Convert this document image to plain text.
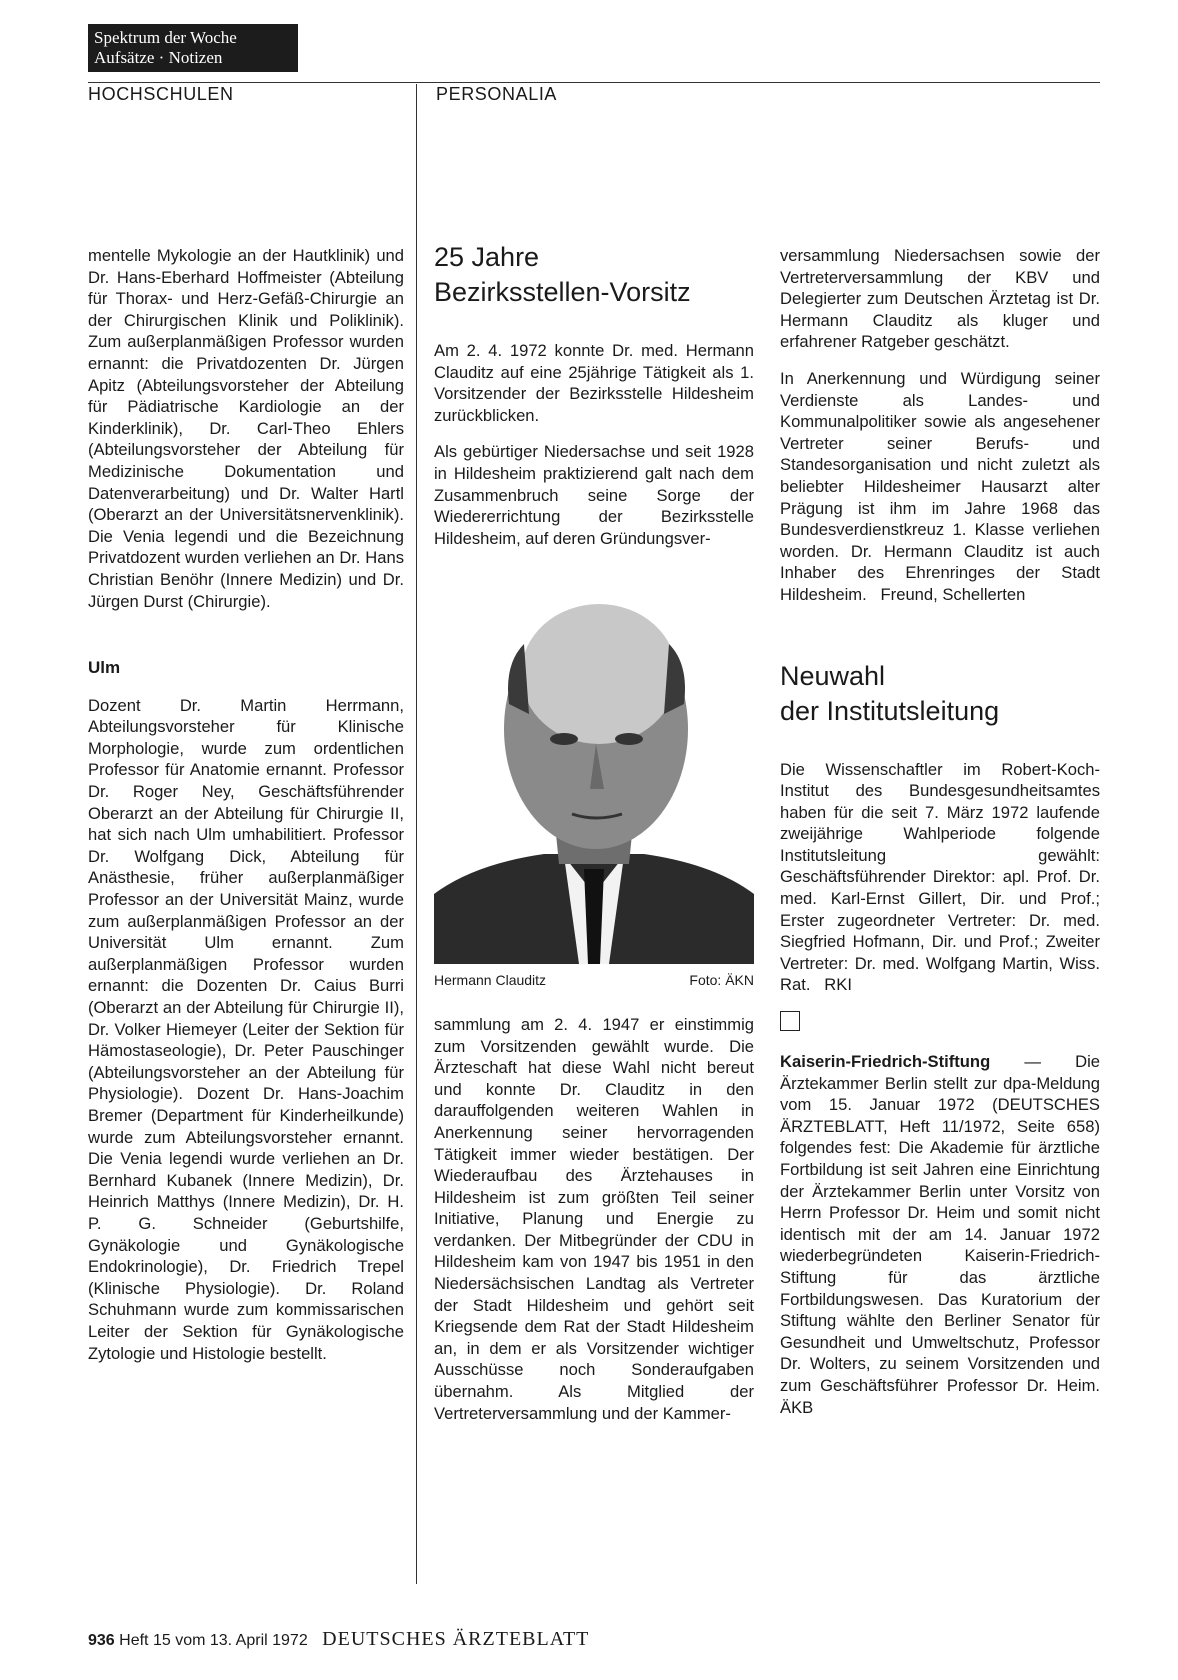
Spektrum der Woche
Aufsätze · Notizen
HOCHSCHULEN	PERSONALIA

mentelle Mykologie an der Hautklinik) und Dr. Hans-Eberhard Hoffmeister (Abteilung für Thorax- und Herz-Gefäß-Chirurgie an der Chirurgischen Klinik und Poliklinik). Zum außerplanmäßigen Professor wurden ernannt: die Privatdozenten Dr. Jürgen Apitz (Abteilungsvorsteher der Abteilung für Pädiatrische Kardiologie an der Kinderklinik), Dr. Carl-Theo Ehlers (Abteilungsvorsteher der Abteilung für Medizinische Dokumentation und Datenverarbeitung) und Dr. Walter Hartl (Oberarzt an der Universitätsnervenklinik). Die Venia legendi und die Bezeichnung Privatdozent wurden verliehen an Dr. Hans Christian Benöhr (Innere Medizin) und Dr. Jürgen Durst (Chirurgie).

Ulm

Dozent Dr. Martin Herrmann, Abteilungsvorsteher für Klinische Morphologie, wurde zum ordentlichen Professor für Anatomie ernannt. Professor Dr. Roger Ney, Geschäftsführender Oberarzt an der Abteilung für Chirurgie II, hat sich nach Ulm umhabilitiert. Professor Dr. Wolfgang Dick, Abteilung für Anästhesie, früher außerplanmäßiger Professor an der Universität Mainz, wurde zum außerplanmäßigen Professor an der Universität Ulm ernannt. Zum außerplanmäßigen Professor wurden ernannt: die Dozenten Dr. Caius Burri (Oberarzt an der Abteilung für Chirurgie II), Dr. Volker Hiemeyer (Leiter der Sektion für Hämostaseologie), Dr. Peter Pauschinger (Abteilungsvorsteher an der Abteilung für Physiologie). Dozent Dr. Hans-Joachim Bremer (Department für Kinderheilkunde) wurde zum Abteilungsvorsteher ernannt. Die Venia legendi wurde verliehen an Dr. Bernhard Kubanek (Innere Medizin), Dr. Heinrich Matthys (Innere Medizin), Dr. H. P. G. Schneider (Geburtshilfe, Gynäkologie und Gynäkologische Endokrinologie), Dr. Friedrich Trepel (Klinische Physiologie). Dr. Roland Schuhmann wurde zum kommissarischen Leiter der Sektion für Gynäkologische Zytologie und Histologie bestellt.

25 Jahre
Bezirksstellen-Vorsitz

Am 2. 4. 1972 konnte Dr. med. Hermann Clauditz auf eine 25jährige Tätigkeit als 1. Vorsitzender der Bezirksstelle Hildesheim zurückblicken.

Als gebürtiger Niedersachse und seit 1928 in Hildesheim praktizierend galt nach dem Zusammenbruch seine Sorge der Wiedererrichtung der Bezirksstelle Hildesheim, auf deren Gründungsver-

Hermann Clauditz	Foto: ÄKN

sammlung am 2. 4. 1947 er einstimmig zum Vorsitzenden gewählt wurde. Die Ärzteschaft hat diese Wahl nicht bereut und konnte Dr. Clauditz in den darauffolgenden weiteren Wahlen in Anerkennung seiner hervorragenden Tätigkeit immer wieder bestätigen. Der Wiederaufbau des Ärztehauses in Hildesheim ist zum größten Teil seiner Initiative, Planung und Energie zu verdanken. Der Mitbegründer der CDU in Hildesheim kam von 1947 bis 1951 in den Niedersächsischen Landtag als Vertreter der Stadt Hildesheim und gehört seit Kriegsende dem Rat der Stadt Hildesheim an, in dem er als Vorsitzender wichtiger Ausschüsse noch Sonderaufgaben übernahm. Als Mitglied der Vertreterversammlung und der Kammer-

versammlung Niedersachsen sowie der Vertreterversammlung der KBV und Delegierter zum Deutschen Ärztetag ist Dr. Hermann Clauditz als kluger und erfahrener Ratgeber geschätzt.

In Anerkennung und Würdigung seiner Verdienste als Landes- und Kommunalpolitiker sowie als angesehener Vertreter seiner Berufs- und Standesorganisation und nicht zuletzt als beliebter Hildesheimer Hausarzt alter Prägung ist ihm im Jahre 1968 das Bundesverdienstkreuz 1. Klasse verliehen worden. Dr. Hermann Clauditz ist auch Inhaber des Ehrenringes der Stadt Hildesheim. Freund, Schellerten

Neuwahl
der Institutsleitung

Die Wissenschaftler im Robert-Koch-Institut des Bundesgesundheitsamtes haben für die seit 7. März 1972 laufende zweijährige Wahlperiode folgende Institutsleitung gewählt: Geschäftsführender Direktor: apl. Prof. Dr. med. Karl-Ernst Gillert, Dir. und Prof.; Erster zugeordneter Vertreter: Dr. med. Siegfried Hofmann, Dir. und Prof.; Zweiter Vertreter: Dr. med. Wolfgang Martin, Wiss. Rat. RKI

Kaiserin-Friedrich-Stiftung — Die Ärztekammer Berlin stellt zur dpa-Meldung vom 15. Januar 1972 (DEUTSCHES ÄRZTEBLATT, Heft 11/1972, Seite 658) folgendes fest: Die Akademie für ärztliche Fortbildung ist seit Jahren eine Einrichtung der Ärztekammer Berlin unter Vorsitz von Herrn Professor Dr. Heim und somit nicht identisch mit der am 14. Januar 1972 wiederbegründeten Kaiserin-Friedrich-Stiftung für das ärztliche Fortbildungswesen. Das Kuratorium der Stiftung wählte den Berliner Senator für Gesundheit und Umweltschutz, Professor Dr. Wolters, zu seinem Vorsitzenden und zum Geschäftsführer Professor Dr. Heim.   ÄKB

936 Heft 15 vom 13. April 1972 DEUTSCHES ÄRZTEBLATT
